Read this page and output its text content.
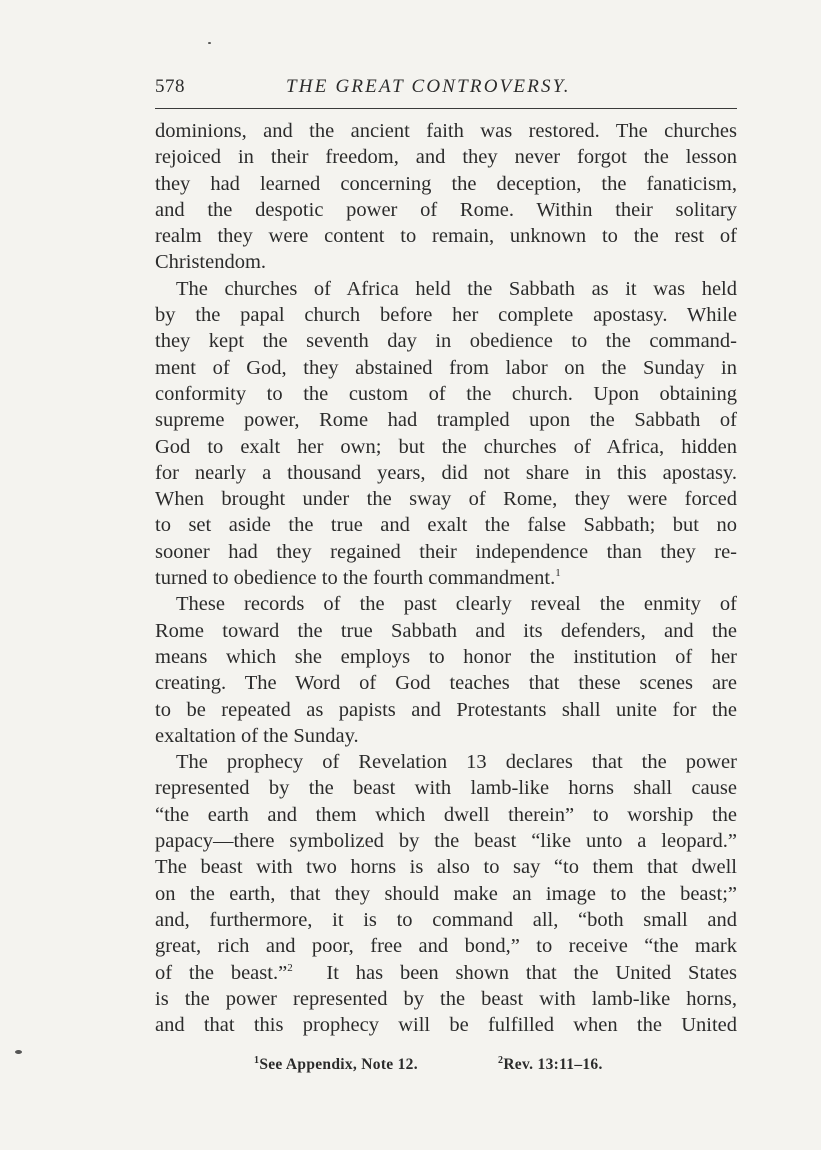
578	THE GREAT CONTROVERSY.
dominions, and the ancient faith was restored. The churches
rejoiced in their freedom, and they never forgot the lesson
they had learned concerning the deception, the fanaticism,
and the despotic power of Rome. Within their solitary
realm they were content to remain, unknown to the rest of
Christendom.
The churches of Africa held the Sabbath as it was held
by the papal church before her complete apostasy. While
they kept the seventh day in obedience to the command-
ment of God, they abstained from labor on the Sunday in
conformity to the custom of the church. Upon obtaining
supreme power, Rome had trampled upon the Sabbath of
God to exalt her own; but the churches of Africa, hidden
for nearly a thousand years, did not share in this apostasy.
When brought under the sway of Rome, they were forced
to set aside the true and exalt the false Sabbath; but no
sooner had they regained their independence than they re-
turned to obedience to the fourth commandment.$^1$
These records of the past clearly reveal the enmity of
Rome toward the true Sabbath and its defenders, and the
means which she employs to honor the institution of her
creating. The Word of God teaches that these scenes are
to be repeated as papists and Protestants shall unite for the
exaltation of the Sunday.
The prophecy of Revelation 13 declares that the power
represented by the beast with lamb-like horns shall cause
“the earth and them which dwell therein” to worship the
papacy—there symbolized by the beast “like unto a leopard.”
The beast with two horns is also to say “to them that dwell
on the earth, that they should make an image to the beast;”
and, furthermore, it is to command all, “both small and
great, rich and poor, free and bond,” to receive “the mark
of the beast.”$^2$ It has been shown that the United States
is the power represented by the beast with lamb-like horns,
and that this prophecy will be fulfilled when the United
$^1$See Appendix, Note 12.	$^2$Rev. 13:11–16.
